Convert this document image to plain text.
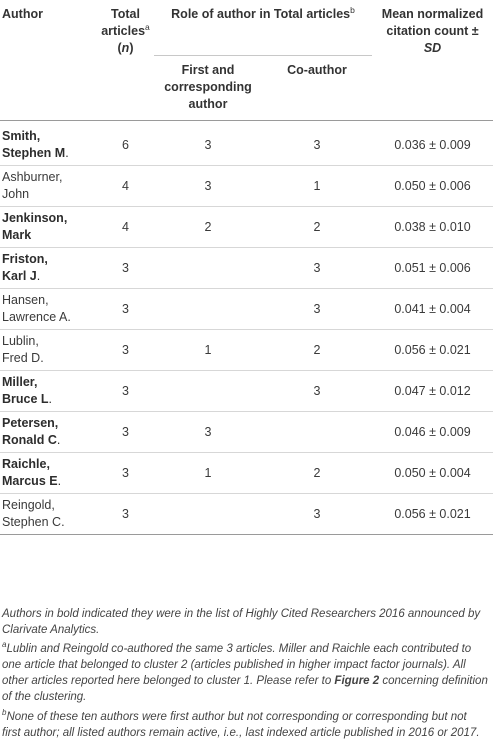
Author	Total
articles$^a$
(n)	Role of author in Total articles$^b$		Mean normalized
citation count ±
SD
		First and
corresponding
author	Co-author	

Smith,
Stephen M.	6	3	3	0.036 ± 0.009
Ashburner,
John	4	3	1	0.050 ± 0.006
Jenkinson,
Mark	4	2	2	0.038 ± 0.010
Friston,
Karl J.	3		3	0.051 ± 0.006
Hansen,
Lawrence A.	3		3	0.041 ± 0.004
Lublin,
Fred D.	3	1	2	0.056 ± 0.021
Miller,
Bruce L.	3		3	0.047 ± 0.012
Petersen,
Ronald C.	3	3		0.046 ± 0.009
Raichle,
Marcus E.	3	1	2	0.050 ± 0.004
Reingold,
Stephen C.	3		3	0.056 ± 0.021

Authors in bold indicated they were in the list of Highly Cited Researchers 2016 announced by Clarivate Analytics.

$^a$Lublin and Reingold co-authored the same 3 articles. Miller and Raichle each contributed to one article that belonged to cluster 2 (articles published in higher impact factor journals). All other articles reported here belonged to cluster 1. Please refer to Figure 2 concerning definition of the clustering.

$^b$None of these ten authors were first author but not corresponding or corresponding but not first author; all listed authors remain active, i.e., last indexed article published in 2016 or 2017.
